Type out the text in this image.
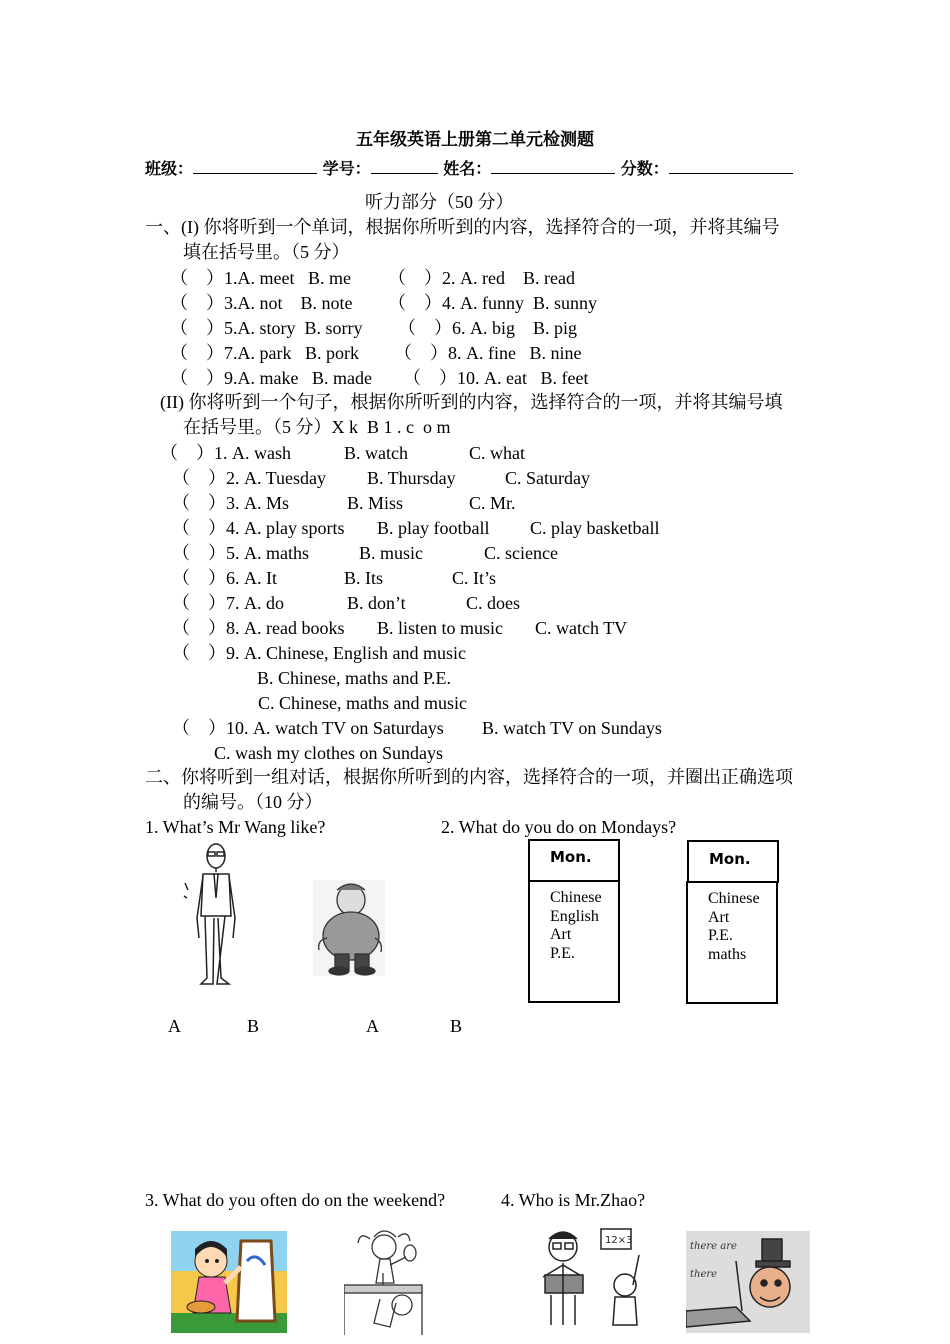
五年级英语上册第二单元检测题
班级：	学号：	姓名：	分数：
听力部分（50 分）
一、(I) 你将听到一个单词，根据你所听到的内容，选择符合的一项，并将其编号
填在括号里。（5 分）
（　）1.A. meet   B. me （　）2. A. red    B. read
（　）3.A. not    B. note （　）4. A. funny  B. sunny
（　）5.A. story  B. sorry （　）6. A. big    B. pig
（　）7.A. park   B. pork （　）8. A. fine   B. nine
（　）9.A. make   B. made （　）10. A. eat   B. feet
(II) 你将听到一个句子，根据你所听到的内容，选择符合的一项，并将其编号填
在括号里。（5 分）X k  B 1 . c  o m
（　）1. A. wash	B. watch	C. what
（　）2. A. Tuesday B. Thursday	C. Saturday
（　）3. A. Ms	B. Miss	C. Mr.
（　）4. A. play sports B. play football C. play basketball
（　）5. A. maths	B. music	C. science
（　）6. A. It	B. Its	C. It’s
（　）7. A. do	B. don’t	C. does
（　）8. A. read books B. listen to music C. watch TV
（　）9. A. Chinese, English and music
B. Chinese, maths and P.E.
C. Chinese, maths and music
（　）10. A. watch TV on Saturdays B. watch TV on Sundays
C. wash my clothes on Sundays
二、你将听到一组对话，根据你所听到的内容，选择符合的一项，并圈出正确选项
的编号。（10 分）
1. What’s Mr Wang like?	2. What do you do on Mondays?
Mon.
Chinese
English
Art
P.E.
Mon.
Chinese
Art
P.E.
maths
A	B	A	B
3. What do you often do on the weekend?	4. Who is Mr.Zhao?
12×3
there are
there
